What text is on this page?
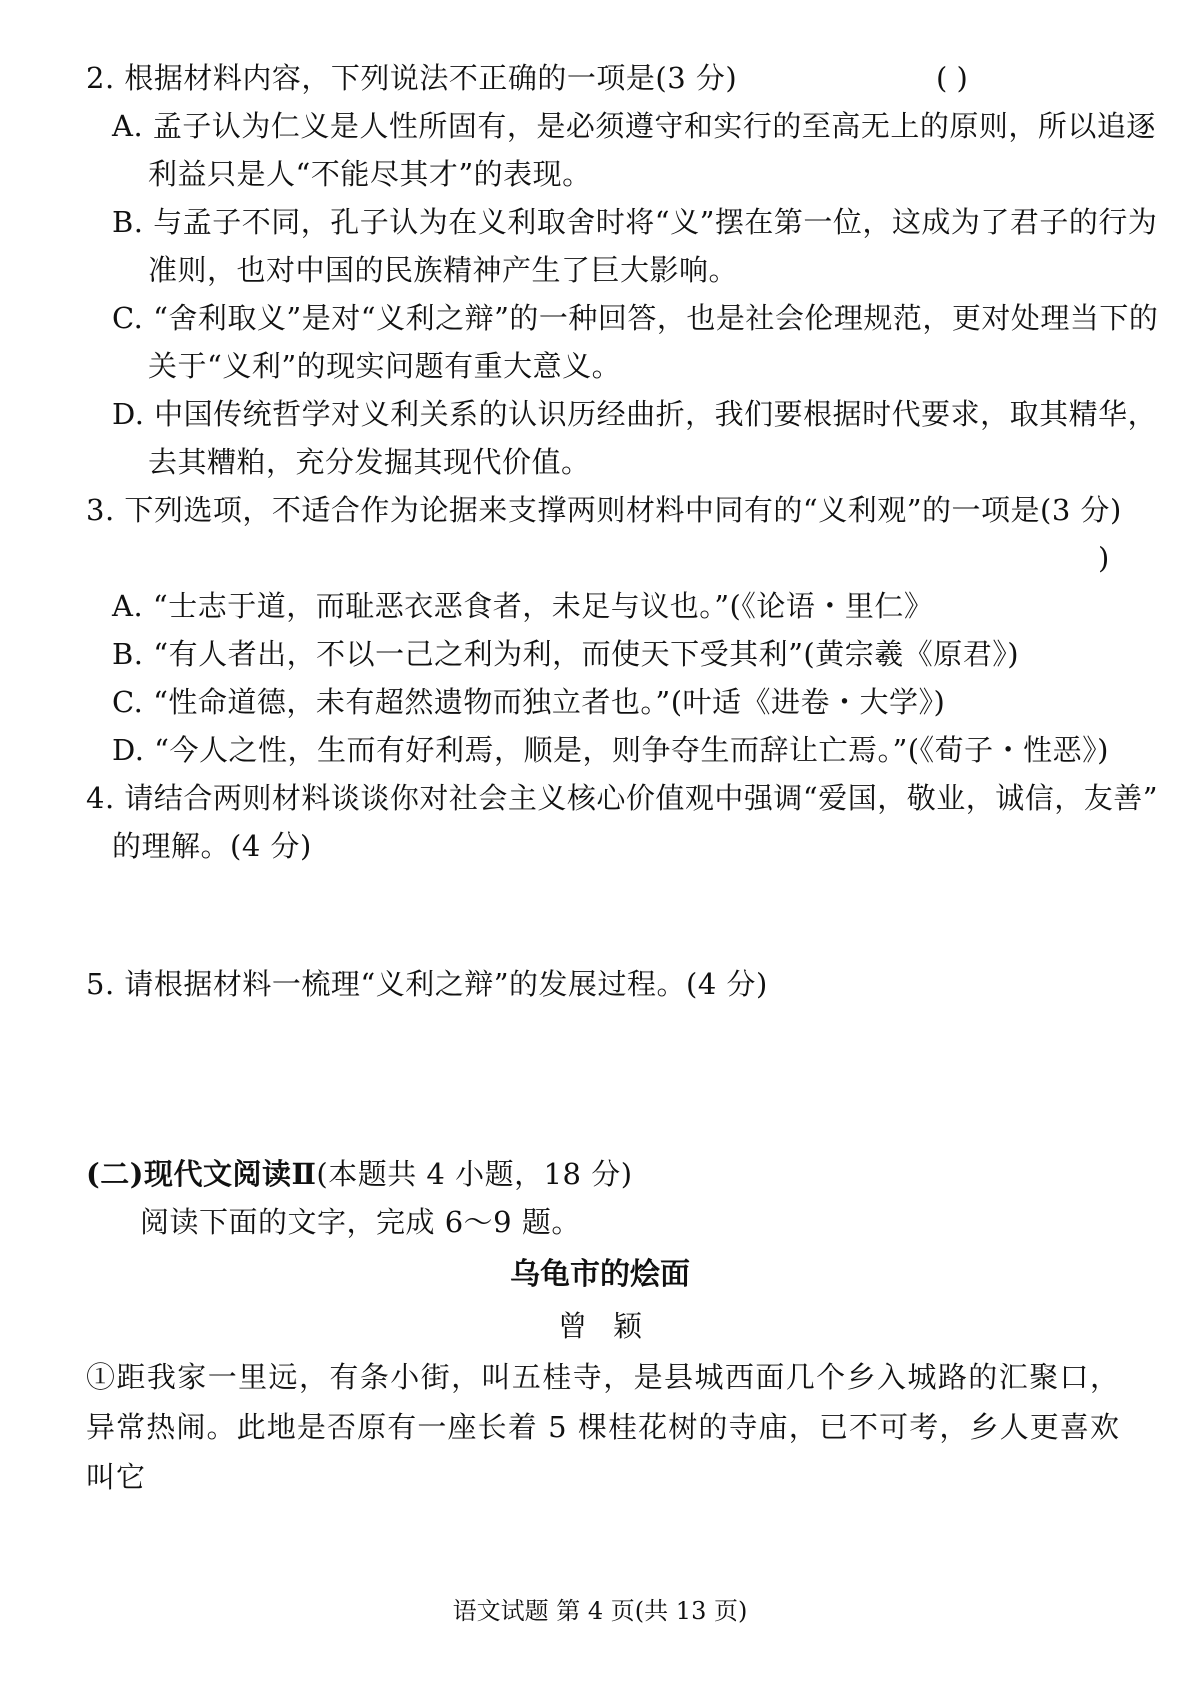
2. 根据材料内容，下列说法不正确的一项是(3 分)	( )
A. 孟子认为仁义是人性所固有，是必须遵守和实行的至高无上的原则，所以追逐
利益只是人“不能尽其才”的表现。
B. 与孟子不同，孔子认为在义利取舍时将“义”摆在第一位，这成为了君子的行为
准则，也对中国的民族精神产生了巨大影响。
C. “舍利取义”是对“义利之辩”的一种回答，也是社会伦理规范，更对处理当下的
关于“义利”的现实问题有重大意义。
D. 中国传统哲学对义利关系的认识历经曲折，我们要根据时代要求，取其精华，
去其糟粕，充分发掘其现代价值。
3. 下列选项，不适合作为论据来支撑两则材料中同有的“义利观”的一项是(3 分)
)
A. “士志于道，而耻恶衣恶食者，未足与议也。”(《论语・里仁》
B. “有人者出，不以一己之利为利，而使天下受其利”(黄宗羲《原君》)
C. “性命道德，未有超然遗物而独立者也。”(叶适《进卷・大学》)
D. “今人之性，生而有好利焉，顺是，则争夺生而辞让亡焉。”(《荀子・性恶》)
4. 请结合两则材料谈谈你对社会主义核心价值观中强调“爱国，敬业，诚信，友善”
的理解。(4 分)
5. 请根据材料一梳理“义利之辩”的发展过程。(4 分)
(二)现代文阅读Ⅱ(本题共 4 小题，18 分)
阅读下面的文字，完成 6～9 题。
乌龟市的烩面
曾颖
①距我家一里远，有条小街，叫五桂寺，是县城西面几个乡入城路的汇聚口，异常热闹。此地是否原有一座长着 5 棵桂花树的寺庙，已不可考，乡人更喜欢叫它
语文试题 第 4 页(共 13 页)
